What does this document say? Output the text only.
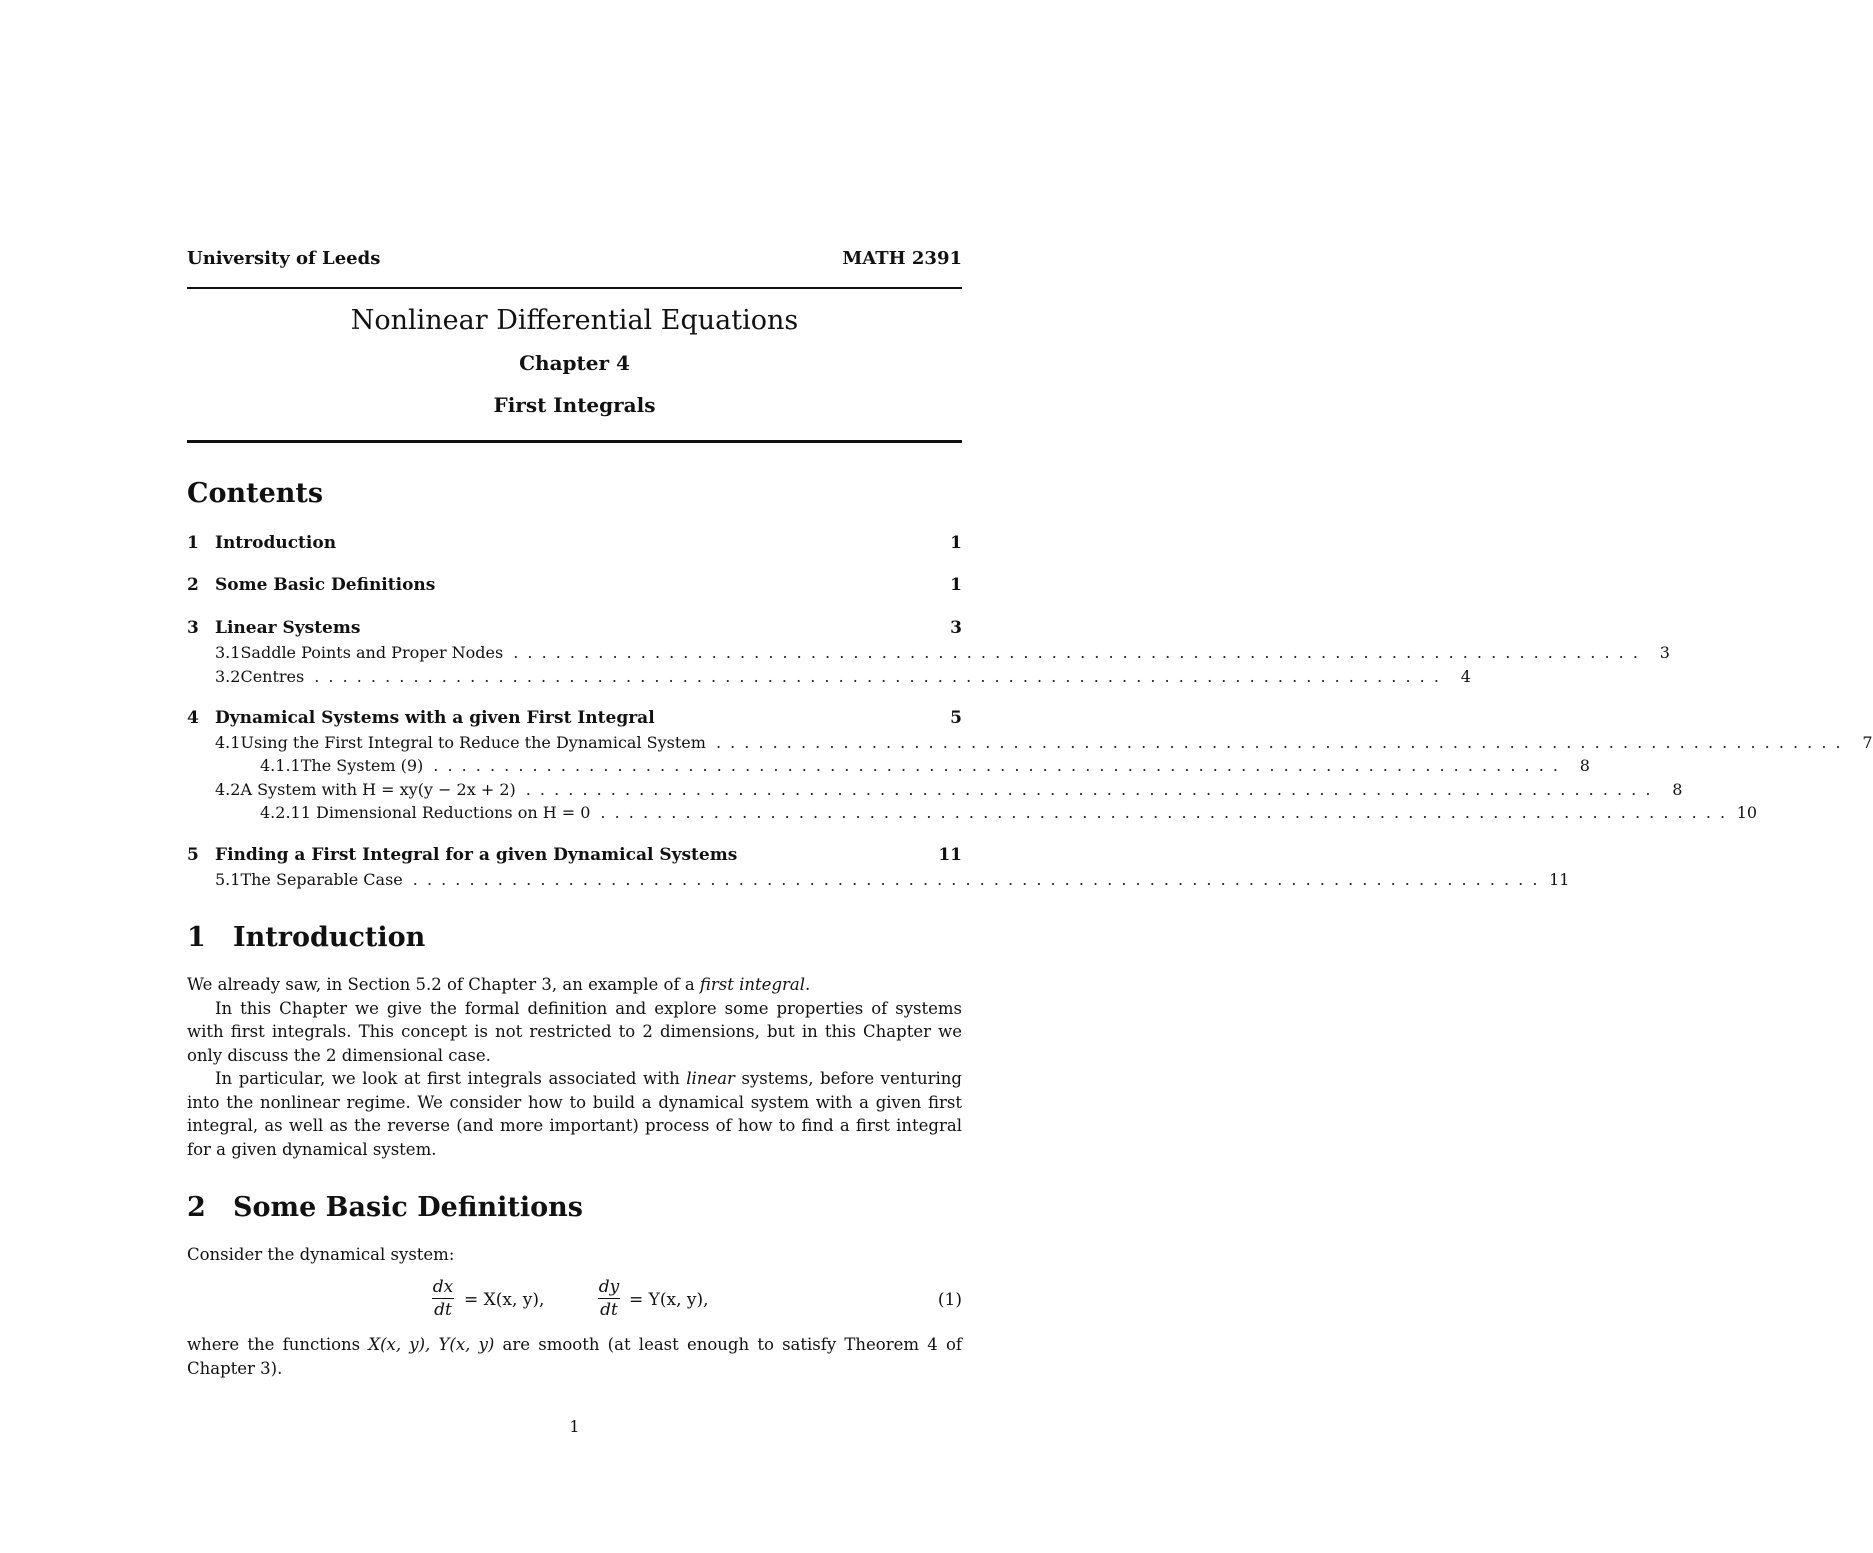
University of Leeds	MATH 2391
Nonlinear Differential Equations
Chapter 4
First Integrals
Contents
1 Introduction	1
2 Some Basic Definitions	1
3 Linear Systems	3
3.1 Saddle Points and Proper Nodes . . . . . . . . . . . . . . . . . . . . . . . . . . . . . . . . . . . . . . . . . . . . . . . . . . . . . . . . . . . . . . . . . . . . . . . . . . . . . . . .	3
3.2 Centres . . . . . . . . . . . . . . . . . . . . . . . . . . . . . . . . . . . . . . . . . . . . . . . . . . . . . . . . . . . . . . . . . . . . . . . . . . . . . . . .	4
4 Dynamical Systems with a given First Integral	5
4.1 Using the First Integral to Reduce the Dynamical System . . . . . . . . . . . . . . . . . . . . . . . . . . . . . . . . . . . . . . . . . . . . . . . . . . . . . . . . . . . . . . . . . . . . . . . . . . . . . . . .	7
4.1.1 The System (9) . . . . . . . . . . . . . . . . . . . . . . . . . . . . . . . . . . . . . . . . . . . . . . . . . . . . . . . . . . . . . . . . . . . . . . . . . . . . . . . .	8
4.2 A System with H = xy(y − 2x + 2) . . . . . . . . . . . . . . . . . . . . . . . . . . . . . . . . . . . . . . . . . . . . . . . . . . . . . . . . . . . . . . . . . . . . . . . . . . . . . . . .	8
4.2.1 1 Dimensional Reductions on H = 0 . . . . . . . . . . . . . . . . . . . . . . . . . . . . . . . . . . . . . . . . . . . . . . . . . . . . . . . . . . . . . . . . . . . . . . . . . . . . . . . . 10
5 Finding a First Integral for a given Dynamical Systems	11
5.1 The Separable Case . . . . . . . . . . . . . . . . . . . . . . . . . . . . . . . . . . . . . . . . . . . . . . . . . . . . . . . . . . . . . . . . . . . . . . . . . . . . . . . . 11
1	Introduction

We already saw, in Section 5.2 of Chapter 3, an example of a first integral.

In this Chapter we give the formal definition and explore some properties of systems with first integrals. This concept is not restricted to 2 dimensions, but in this Chapter we only discuss the 2 dimensional case.

In particular, we look at first integrals associated with linear systems, before venturing into the nonlinear regime. We consider how to build a dynamical system with a given first integral, as well as the reverse (and more important) process of how to find a first integral for a given dynamical system.

2	Some Basic Definitions
Consider the dynamical system:
dx
dt = X(x, y),
dy
dt = Y(x, y),	(1)
where the functions X(x, y), Y(x, y) are smooth (at least enough to satisfy Theorem 4 of Chapter 3).
1
